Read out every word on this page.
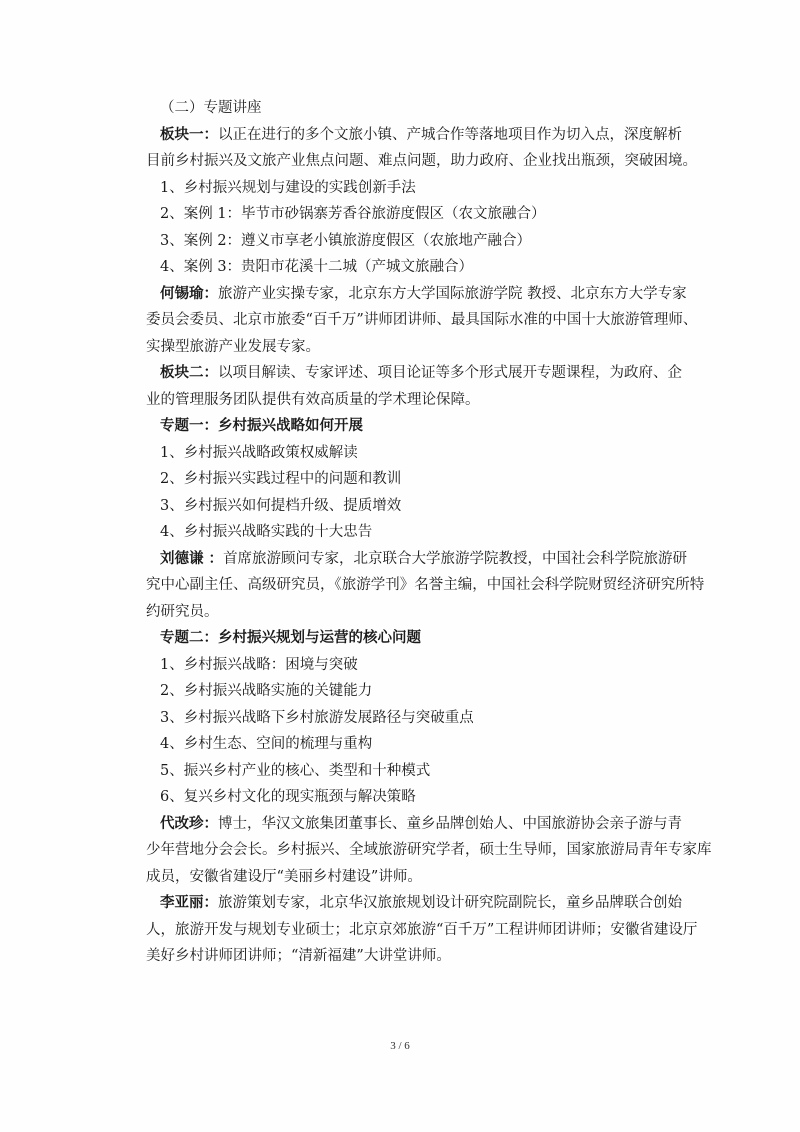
（二）专题讲座
板块一：以正在进行的多个文旅小镇、产城合作等落地项目作为切入点，深度解析
目前乡村振兴及文旅产业焦点问题、难点问题，助力政府、企业找出瓶颈，突破困境。
1、乡村振兴规划与建设的实践创新手法
2、案例 1：毕节市砂锅寨芳香谷旅游度假区（农文旅融合）
3、案例 2：遵义市享老小镇旅游度假区（农旅地产融合）
4、案例 3：贵阳市花溪十二城（产城文旅融合）
何锡瑜：旅游产业实操专家，北京东方大学国际旅游学院 教授、北京东方大学专家
委员会委员、北京市旅委“百千万”讲师团讲师、最具国际水准的中国十大旅游管理师、
实操型旅游产业发展专家。
板块二：以项目解读、专家评述、项目论证等多个形式展开专题课程，为政府、企
业的管理服务团队提供有效高质量的学术理论保障。
专题一：乡村振兴战略如何开展
1、乡村振兴战略政策权威解读
2、乡村振兴实践过程中的问题和教训
3、乡村振兴如何提档升级、提质增效
4、乡村振兴战略实践的十大忠告
刘德谦 ：首席旅游顾问专家，北京联合大学旅游学院教授，中国社会科学院旅游研
究中心副主任、高级研究员，《旅游学刊》名誉主编，中国社会科学院财贸经济研究所特
约研究员。
专题二：乡村振兴规划与运营的核心问题
1、乡村振兴战略：困境与突破
2、乡村振兴战略实施的关键能力
3、乡村振兴战略下乡村旅游发展路径与突破重点
4、乡村生态、空间的梳理与重构
5、振兴乡村产业的核心、类型和十种模式
6、复兴乡村文化的现实瓶颈与解决策略
代改珍：博士，华汉文旅集团董事长、童乡品牌创始人、中国旅游协会亲子游与青
少年营地分会会长。乡村振兴、全域旅游研究学者，硕士生导师，国家旅游局青年专家库
成员，安徽省建设厅“美丽乡村建设”讲师。
李亚丽：旅游策划专家，北京华汉旅旅规划设计研究院副院长，童乡品牌联合创始
人，旅游开发与规划专业硕士；北京京郊旅游“百千万”工程讲师团讲师；安徽省建设厅
美好乡村讲师团讲师；“清新福建”大讲堂讲师。
3 / 6
